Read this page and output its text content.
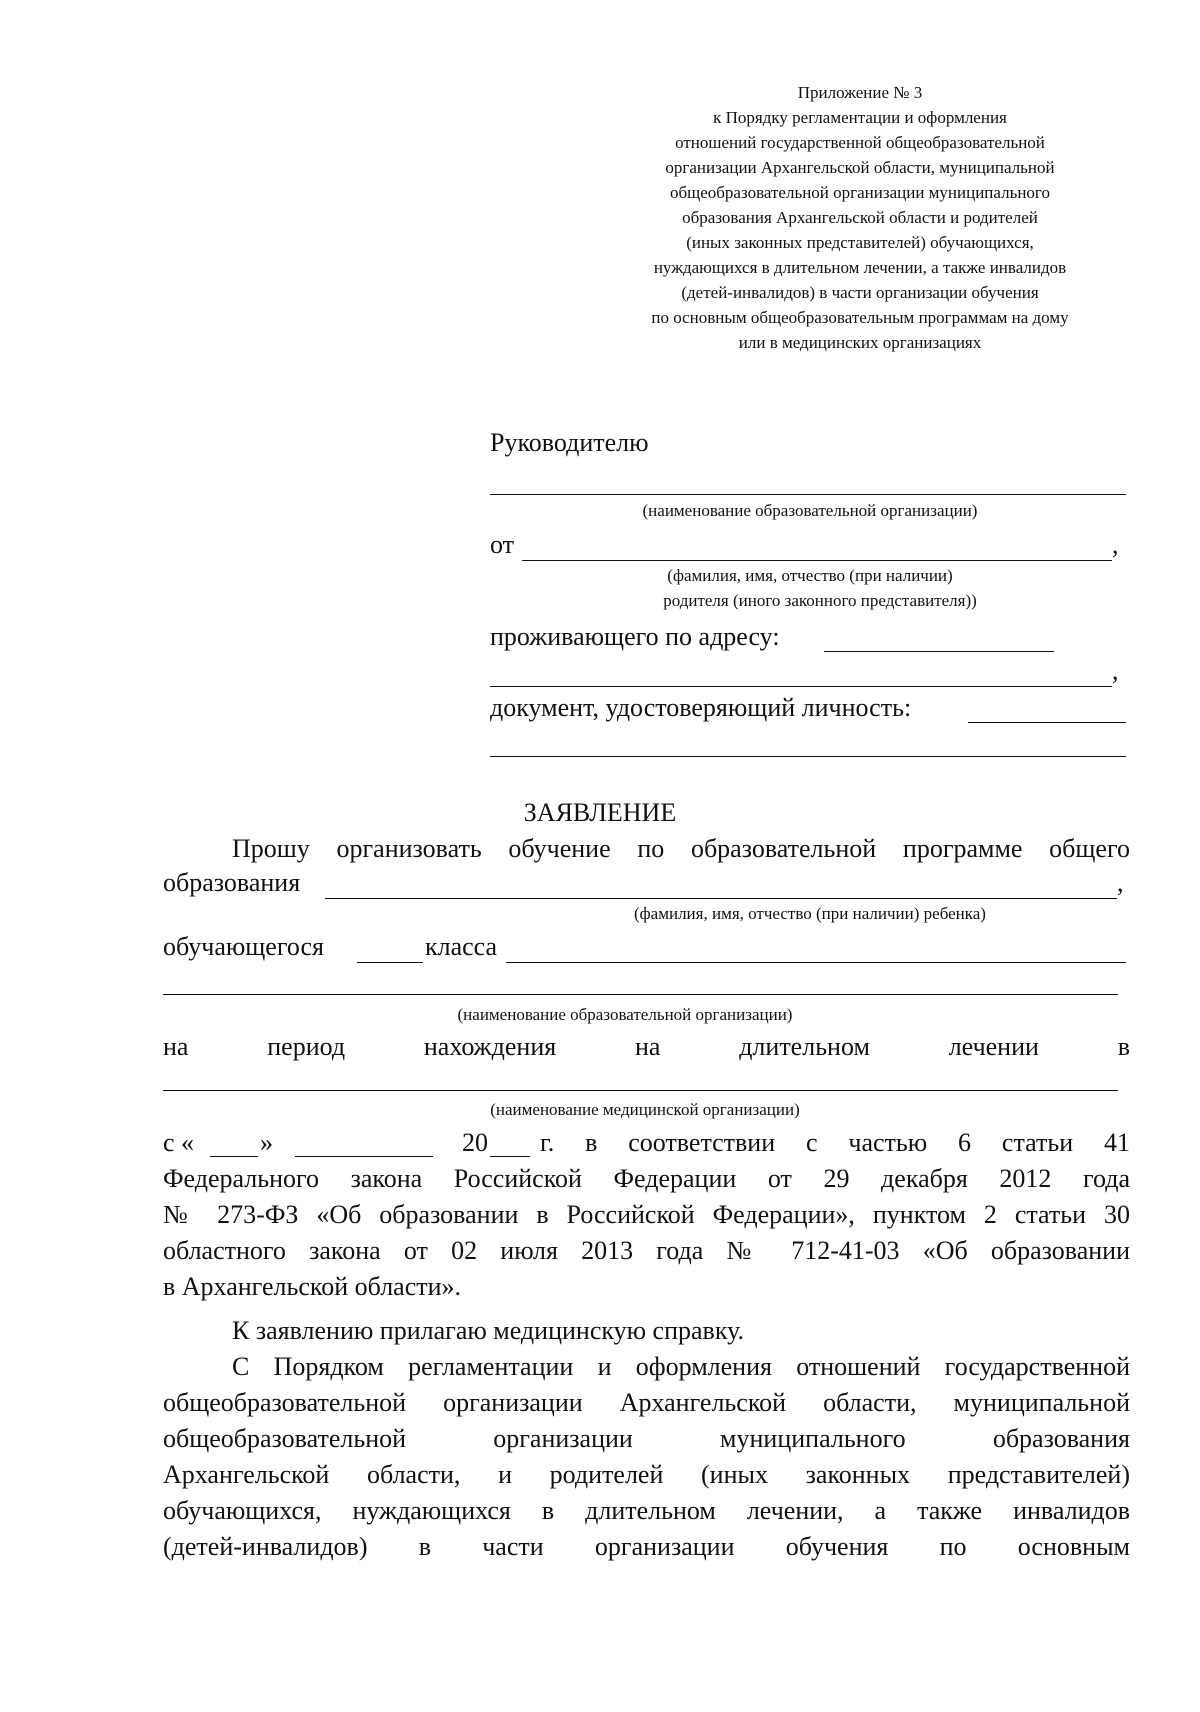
Приложение № 3
к Порядку регламентации и оформления
отношений государственной общеобразовательной
организации Архангельской области, муниципальной
общеобразовательной организации муниципального
образования Архангельской области и родителей
(иных законных представителей) обучающихся,
нуждающихся в длительном лечении, а также инвалидов
(детей-инвалидов) в части организации обучения
по основным общеобразовательным программам на дому
или в медицинских организациях
Руководителю
(наименование образовательной организации)
от	,
(фамилия, имя, отчество (при наличии)
родителя (иного законного представителя))
проживающего по адресу:
,
документ, удостоверяющий личность:
ЗАЯВЛЕНИЕ
Прошу организовать обучение по образовательной программе общего
образования	,
(фамилия, имя, отчество (при наличии) ребенка)
обучающегося	класса
(наименование образовательной организации)
на	период	нахождения	на	длительном	лечении	в
(наименование медицинской организации)
с «	»	20 г. в соответствии с частью 6 статьи 41
Федерального закона Российской Федерации от 29 декабря 2012 года
№ 273-ФЗ «Об образовании в Российской Федерации», пунктом 2 статьи 30
областного закона от 02 июля 2013 года № 712-41-03 «Об образовании
в Архангельской области».
К заявлению прилагаю медицинскую справку.
С Порядком регламентации и оформления отношений государственной
общеобразовательной организации Архангельской области, муниципальной
общеобразовательной	организации	муниципального	образования
Архангельской области, и родителей (иных законных представителей)
обучающихся, нуждающихся в длительном лечении, а также инвалидов
(детей-инвалидов) в части организации обучения по основным
